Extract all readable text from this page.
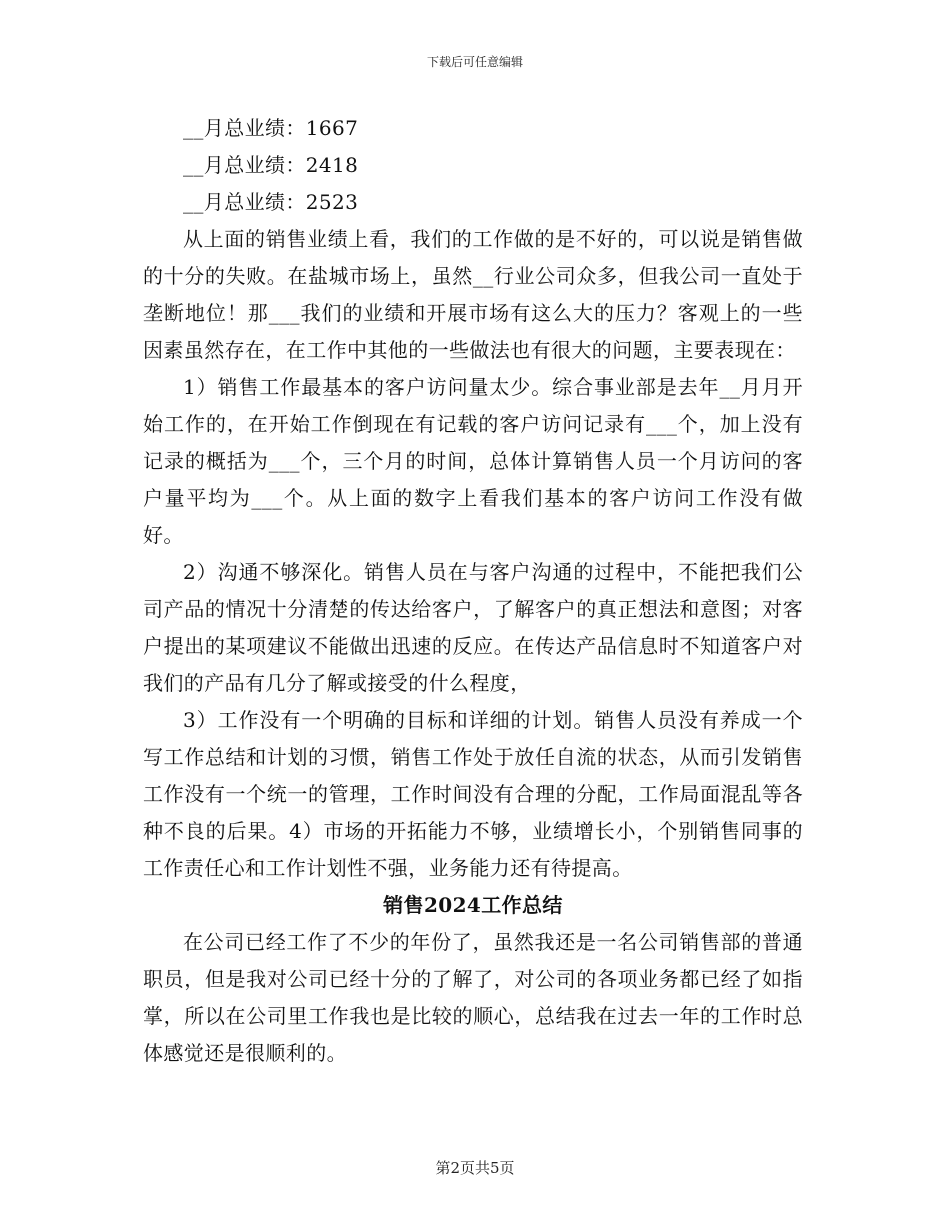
下载后可任意编辑

__月总业绩：1667

__月总业绩：2418

__月总业绩：2523

从上面的销售业绩上看，我们的工作做的是不好的，可以说是销售做的十分的失败。在盐城市场上，虽然__行业公司众多，但我公司一直处于垄断地位！那___我们的业绩和开展市场有这么大的压力？客观上的一些因素虽然存在，在工作中其他的一些做法也有很大的问题，主要表现在：

1）销售工作最基本的客户访问量太少。综合事业部是去年__月月开始工作的，在开始工作倒现在有记载的客户访问记录有___个，加上没有记录的概括为___个，三个月的时间，总体计算销售人员一个月访问的客户量平均为___个。从上面的数字上看我们基本的客户访问工作没有做好。

2）沟通不够深化。销售人员在与客户沟通的过程中，不能把我们公司产品的情况十分清楚的传达给客户，了解客户的真正想法和意图；对客户提出的某项建议不能做出迅速的反应。在传达产品信息时不知道客户对我们的产品有几分了解或接受的什么程度，

3）工作没有一个明确的目标和详细的计划。销售人员没有养成一个写工作总结和计划的习惯，销售工作处于放任自流的状态，从而引发销售工作没有一个统一的管理，工作时间没有合理的分配，工作局面混乱等各种不良的后果。4）市场的开拓能力不够，业绩增长小，个别销售同事的工作责任心和工作计划性不强，业务能力还有待提高。

销售2024工作总结

在公司已经工作了不少的年份了，虽然我还是一名公司销售部的普通职员，但是我对公司已经十分的了解了，对公司的各项业务都已经了如指掌，所以在公司里工作我也是比较的顺心，总结我在过去一年的工作时总体感觉还是很顺利的。

第2页共5页
